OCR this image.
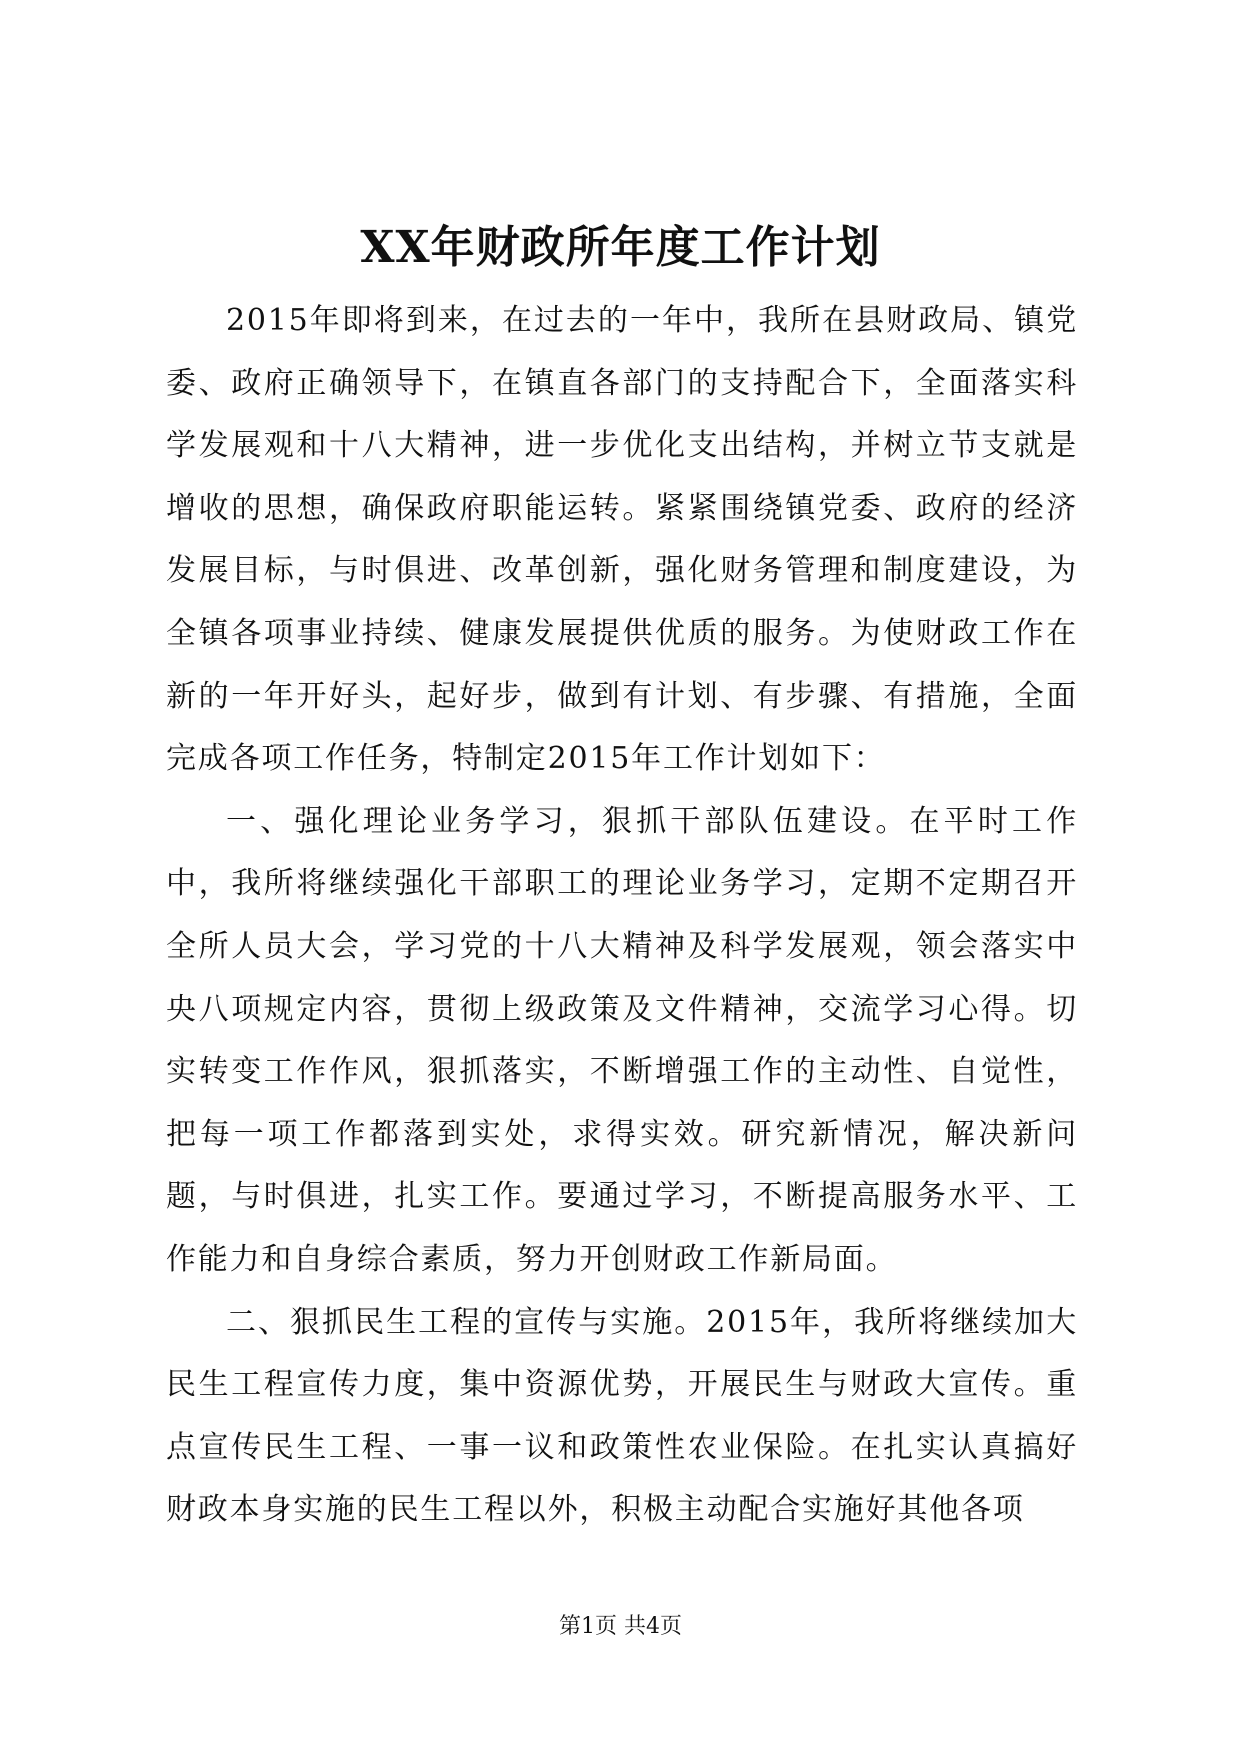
XX年财政所年度工作计划

2015年即将到来，在过去的一年中，我所在县财政局、镇党委、政府正确领导下，在镇直各部门的支持配合下，全面落实科学发展观和十八大精神，进一步优化支出结构，并树立节支就是增收的思想，确保政府职能运转。紧紧围绕镇党委、政府的经济发展目标，与时俱进、改革创新，强化财务管理和制度建设，为全镇各项事业持续、健康发展提供优质的服务。为使财政工作在新的一年开好头，起好步，做到有计划、有步骤、有措施，全面完成各项工作任务，特制定2015年工作计划如下：

一、强化理论业务学习，狠抓干部队伍建设。在平时工作中，我所将继续强化干部职工的理论业务学习，定期不定期召开全所人员大会，学习党的十八大精神及科学发展观，领会落实中央八项规定内容，贯彻上级政策及文件精神，交流学习心得。切实转变工作作风，狠抓落实，不断增强工作的主动性、自觉性，把每一项工作都落到实处，求得实效。研究新情况，解决新问题，与时俱进，扎实工作。要通过学习，不断提高服务水平、工作能力和自身综合素质，努力开创财政工作新局面。

二、狠抓民生工程的宣传与实施。2015年，我所将继续加大民生工程宣传力度，集中资源优势，开展民生与财政大宣传。重点宣传民生工程、一事一议和政策性农业保险。在扎实认真搞好财政本身实施的民生工程以外，积极主动配合实施好其他各项

第1页 共4页
